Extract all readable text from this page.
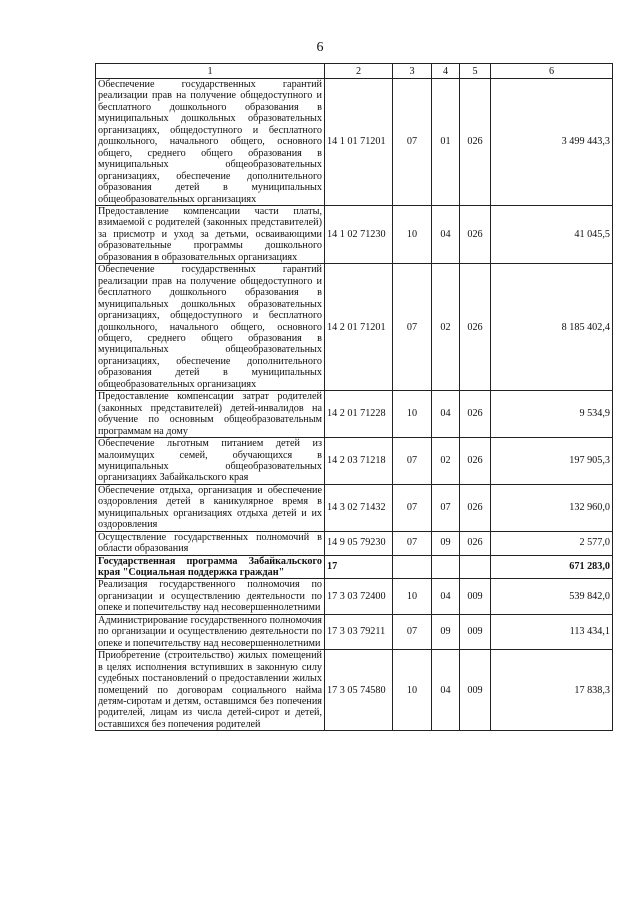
6
1	2	3	4	5	6
Обеспечение государственных гарантий реализации прав на получение общедоступного и бесплатного дошкольного образования в муниципальных дошкольных образовательных организациях, общедоступного и бесплатного дошкольного, начального общего, основного общего, среднего общего образования в муниципальных общеобразовательных организациях, обеспечение дополнительного образования детей в муниципальных общеобразовательных организациях	14 1 01 71201	07	01	026	3 499 443,3
Предоставление компенсации части платы, взимаемой с родителей (законных представителей) за присмотр и уход за детьми, осваивающими образовательные программы дошкольного образования в образовательных организациях	14 1 02 71230	10	04	026	41 045,5
Обеспечение государственных гарантий реализации прав на получение общедоступного и бесплатного дошкольного образования в муниципальных дошкольных образовательных организациях, общедоступного и бесплатного дошкольного, начального общего, основного общего, среднего общего образования в муниципальных общеобразовательных организациях, обеспечение дополнительного образования детей в муниципальных общеобразовательных организациях	14 2 01 71201	07	02	026	8 185 402,4
Предоставление компенсации затрат родителей (законных представителей) детей-инвалидов на обучение по основным общеобразовательным программам на дому	14 2 01 71228	10	04	026	9 534,9
Обеспечение льготным питанием детей из малоимущих семей, обучающихся в муниципальных общеобразовательных организациях Забайкальского края	14 2 03 71218	07	02	026	197 905,3
Обеспечение отдыха, организация и обеспечение оздоровления детей в каникулярное время в муниципальных организациях отдыха детей и их оздоровления	14 3 02 71432	07	07	026	132 960,0
Осуществление государственных полномочий в области образования	14 9 05 79230	07	09	026	2 577,0
Государственная программа Забайкальского края "Социальная поддержка граждан"	17				671 283,0
Реализация государственного полномочия по организации и осуществлению деятельности по опеке и попечительству над несовершеннолетними	17 3 03 72400	10	04	009	539 842,0
Администрирование государственного полномочия по организации и осуществлению деятельности по опеке и попечительству над несовершеннолетними	17 3 03 79211	07	09	009	113 434,1
Приобретение (строительство) жилых помещений в целях исполнения вступивших в законную силу судебных постановлений о предоставлении жилых помещений по договорам социального найма детям-сиротам и детям, оставшимся без попечения родителей, лицам из числа детей-сирот и детей, оставшихся без попечения родителей	17 3 05 74580	10	04	009	17 838,3
